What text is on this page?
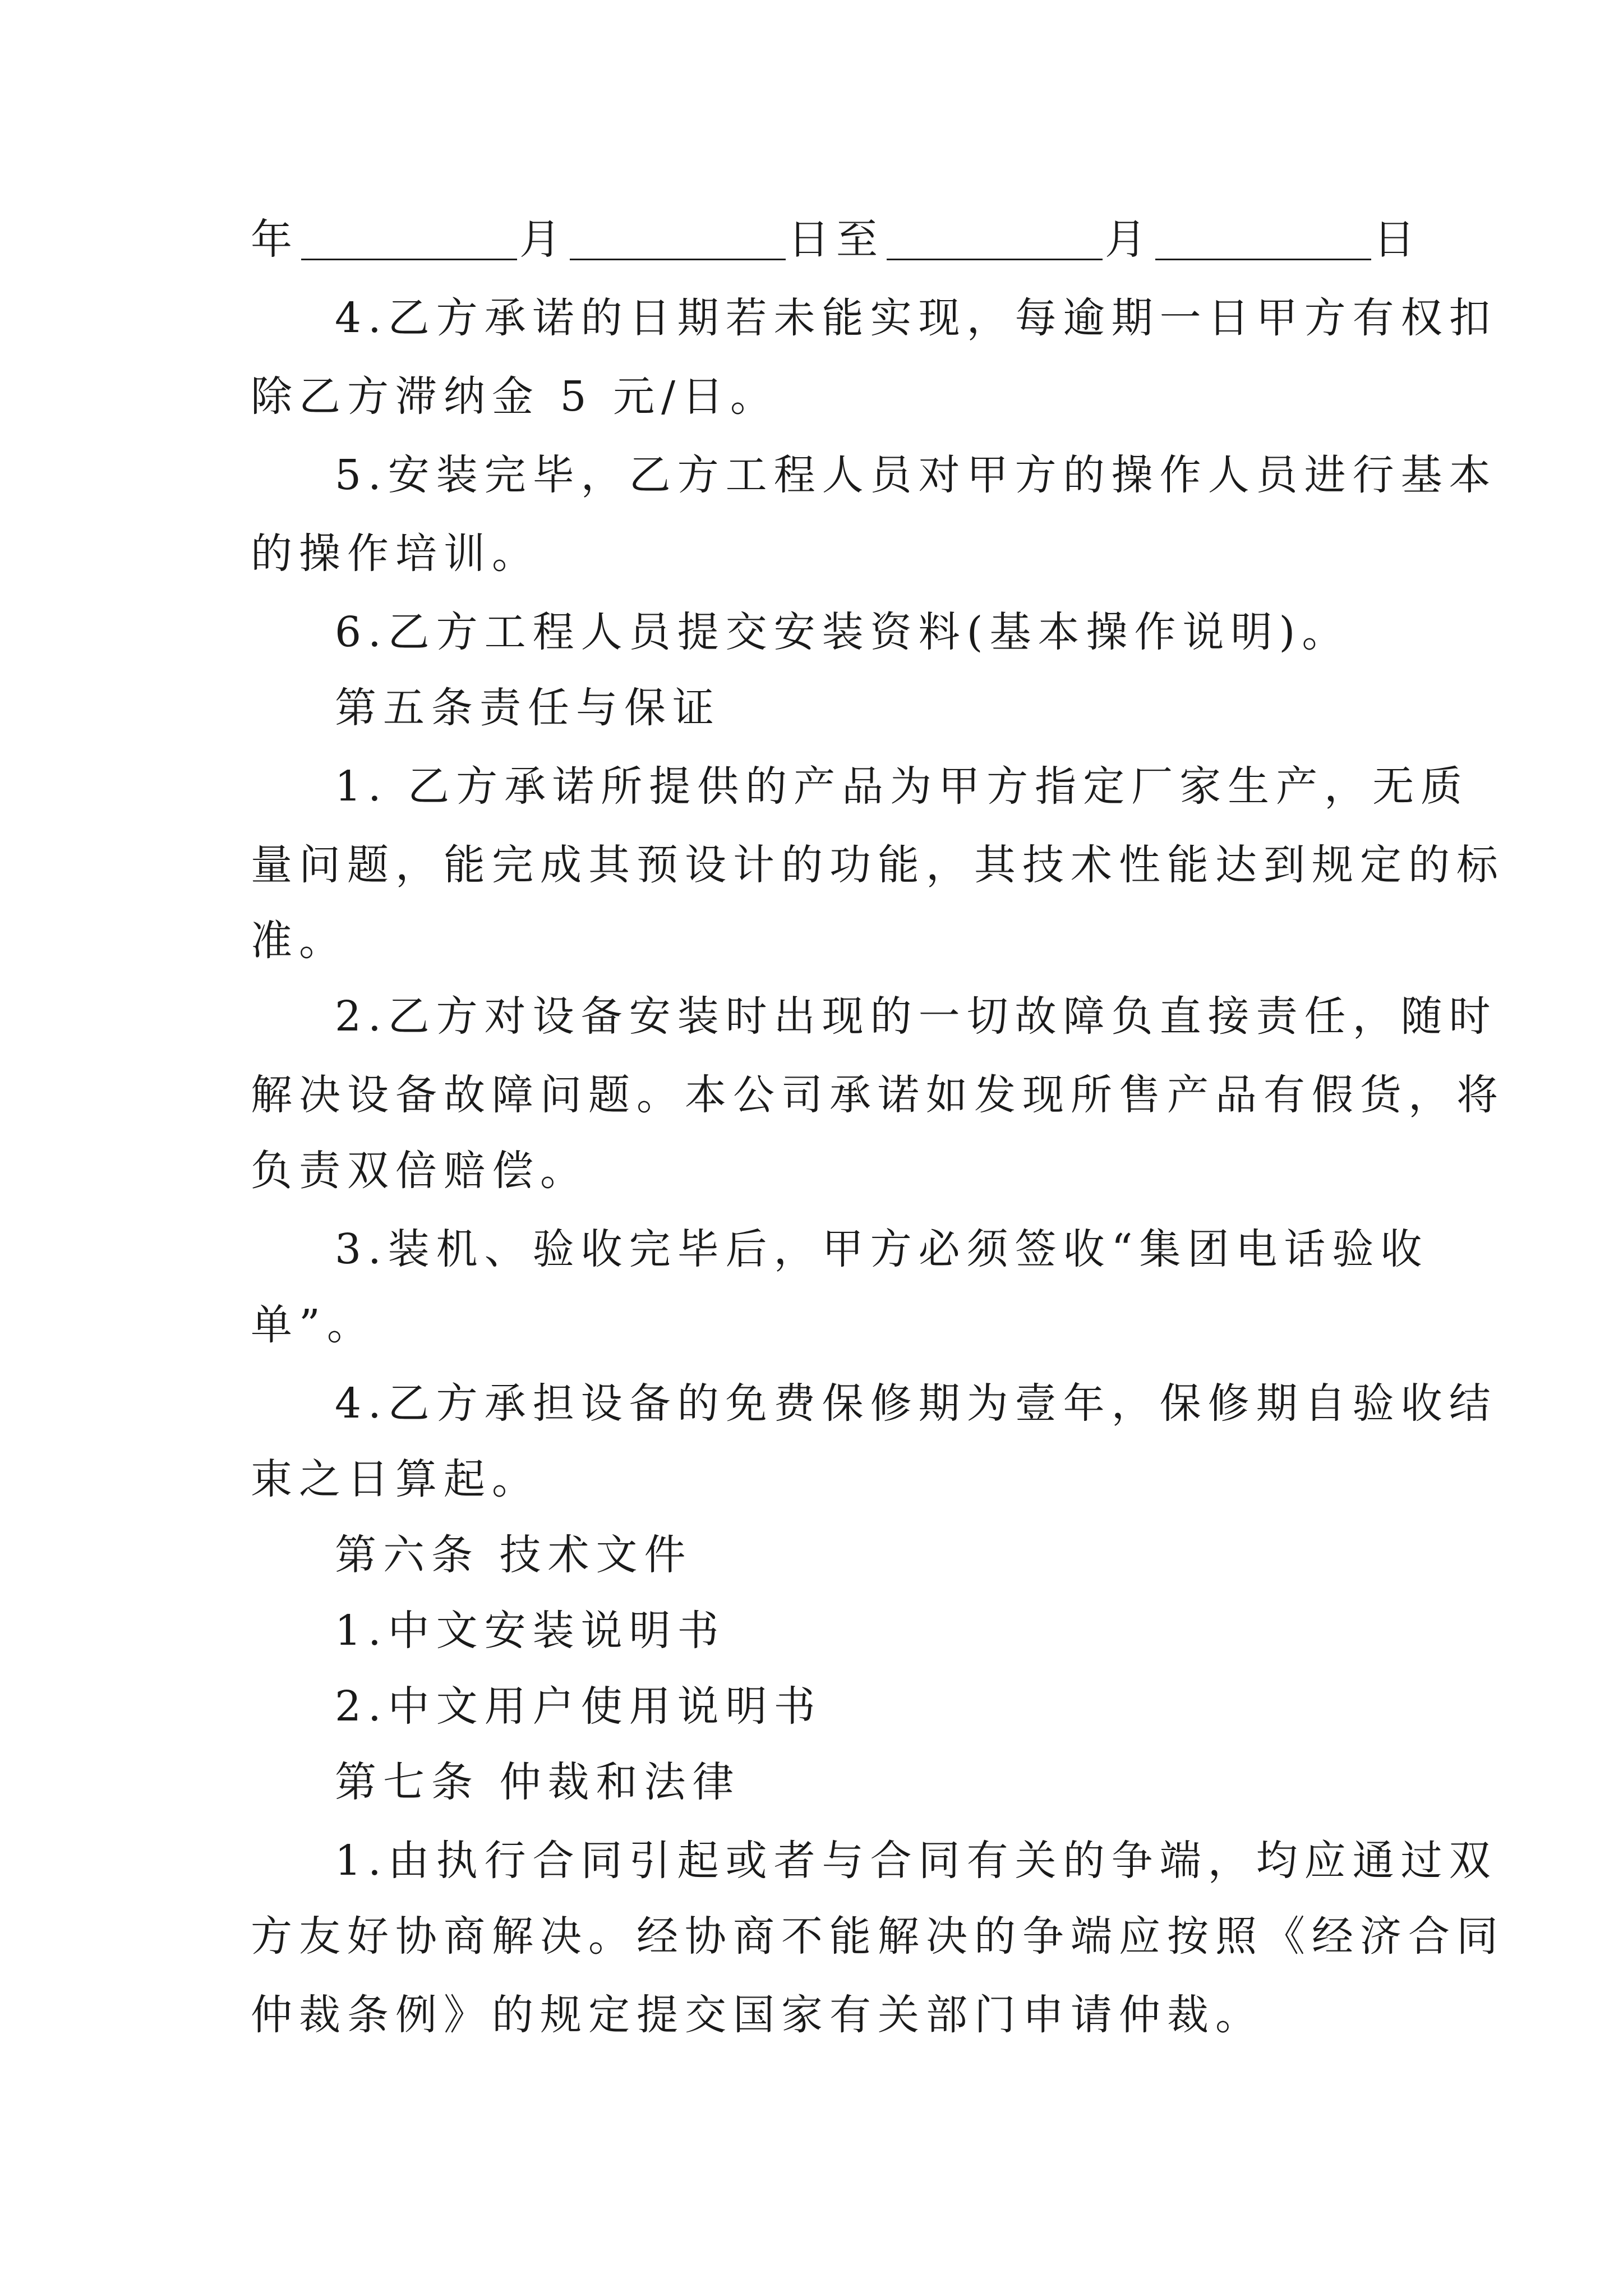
年	月	日至	月	日
4.乙方承诺的日期若未能实现，每逾期一日甲方有权扣
除乙方滞纳金 5 元/日。
5.安装完毕，乙方工程人员对甲方的操作人员进行基本
的操作培训。
6.乙方工程人员提交安装资料(基本操作说明)。
第五条责任与保证
1. 乙方承诺所提供的产品为甲方指定厂家生产，无质
量问题，能完成其预设计的功能，其技术性能达到规定的标
准。
2.乙方对设备安装时出现的一切故障负直接责任，随时
解决设备故障问题。本公司承诺如发现所售产品有假货，将
负责双倍赔偿。
3.装机、验收完毕后，甲方必须签收“集团电话验收
单”。
4.乙方承担设备的免费保修期为壹年，保修期自验收结
束之日算起。
第六条 技术文件
1.中文安装说明书
2.中文用户使用说明书
第七条 仲裁和法律
1.由执行合同引起或者与合同有关的争端，均应通过双
方友好协商解决。经协商不能解决的争端应按照《经济合同
仲裁条例》的规定提交国家有关部门申请仲裁。
